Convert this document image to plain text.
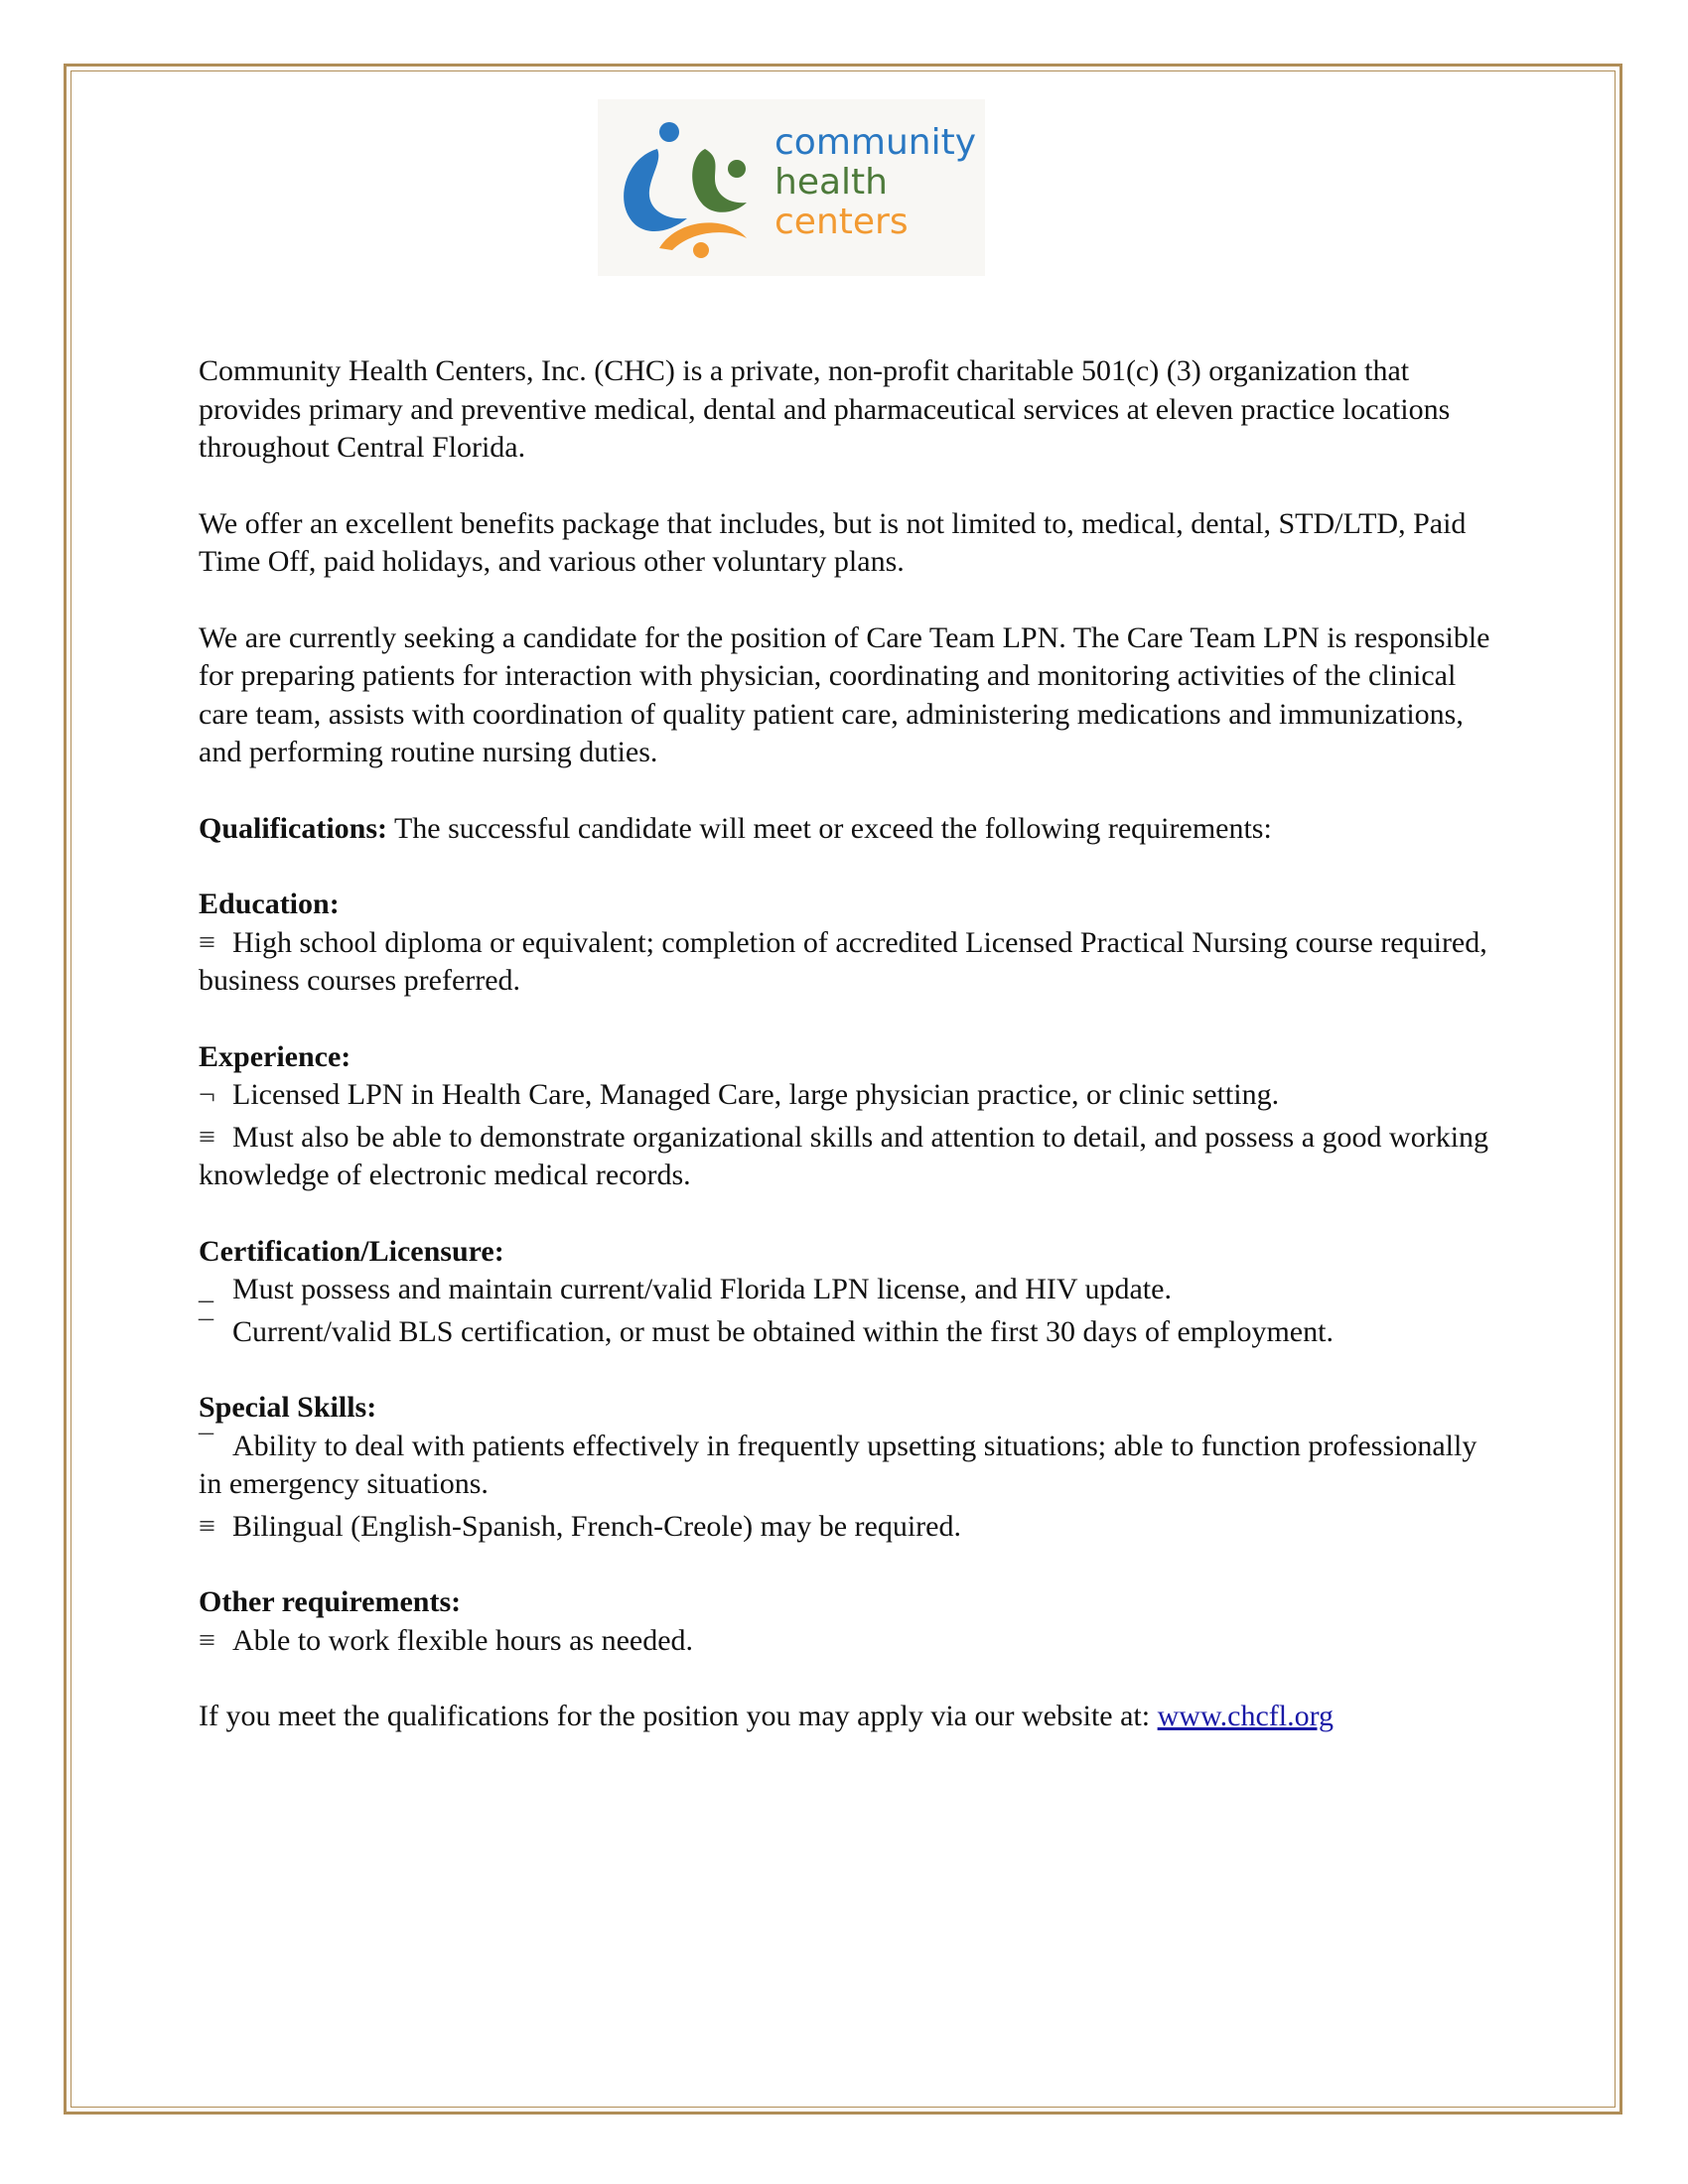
community
health
centers

Community Health Centers, Inc. (CHC) is a private, non-profit charitable 501(c) (3) organization that provides primary and preventive medical, dental and pharmaceutical services at eleven practice locations throughout Central Florida.

We offer an excellent benefits package that includes, but is not limited to, medical, dental, STD/LTD, Paid Time Off, paid holidays, and various other voluntary plans.

We are currently seeking a candidate for the position of Care Team LPN. The Care Team LPN is responsible for preparing patients for interaction with physician, coordinating and monitoring activities of the clinical care team, assists with coordination of quality patient care, administering medications and immunizations, and performing routine nursing duties.

Qualifications: The successful candidate will meet or exceed the following requirements:

Education:

≡ High school diploma or equivalent; completion of accredited Licensed Practical Nursing course required, business courses preferred.

Experience:

¬ Licensed LPN in Health Care, Managed Care, large physician practice, or clinic setting.

≡ Must also be able to demonstrate organizational skills and attention to detail, and possess a good working knowledge of electronic medical records.

Certification/Licensure:

_ Must possess and maintain current/valid Florida LPN license, and HIV update.

¯ Current/valid BLS certification, or must be obtained within the first 30 days of employment.

Special Skills:

¯ Ability to deal with patients effectively in frequently upsetting situations; able to function professionally in emergency situations.

≡ Bilingual (English-Spanish, French-Creole) may be required.

Other requirements:

≡ Able to work flexible hours as needed.

If you meet the qualifications for the position you may apply via our website at: www.chcfl.org
